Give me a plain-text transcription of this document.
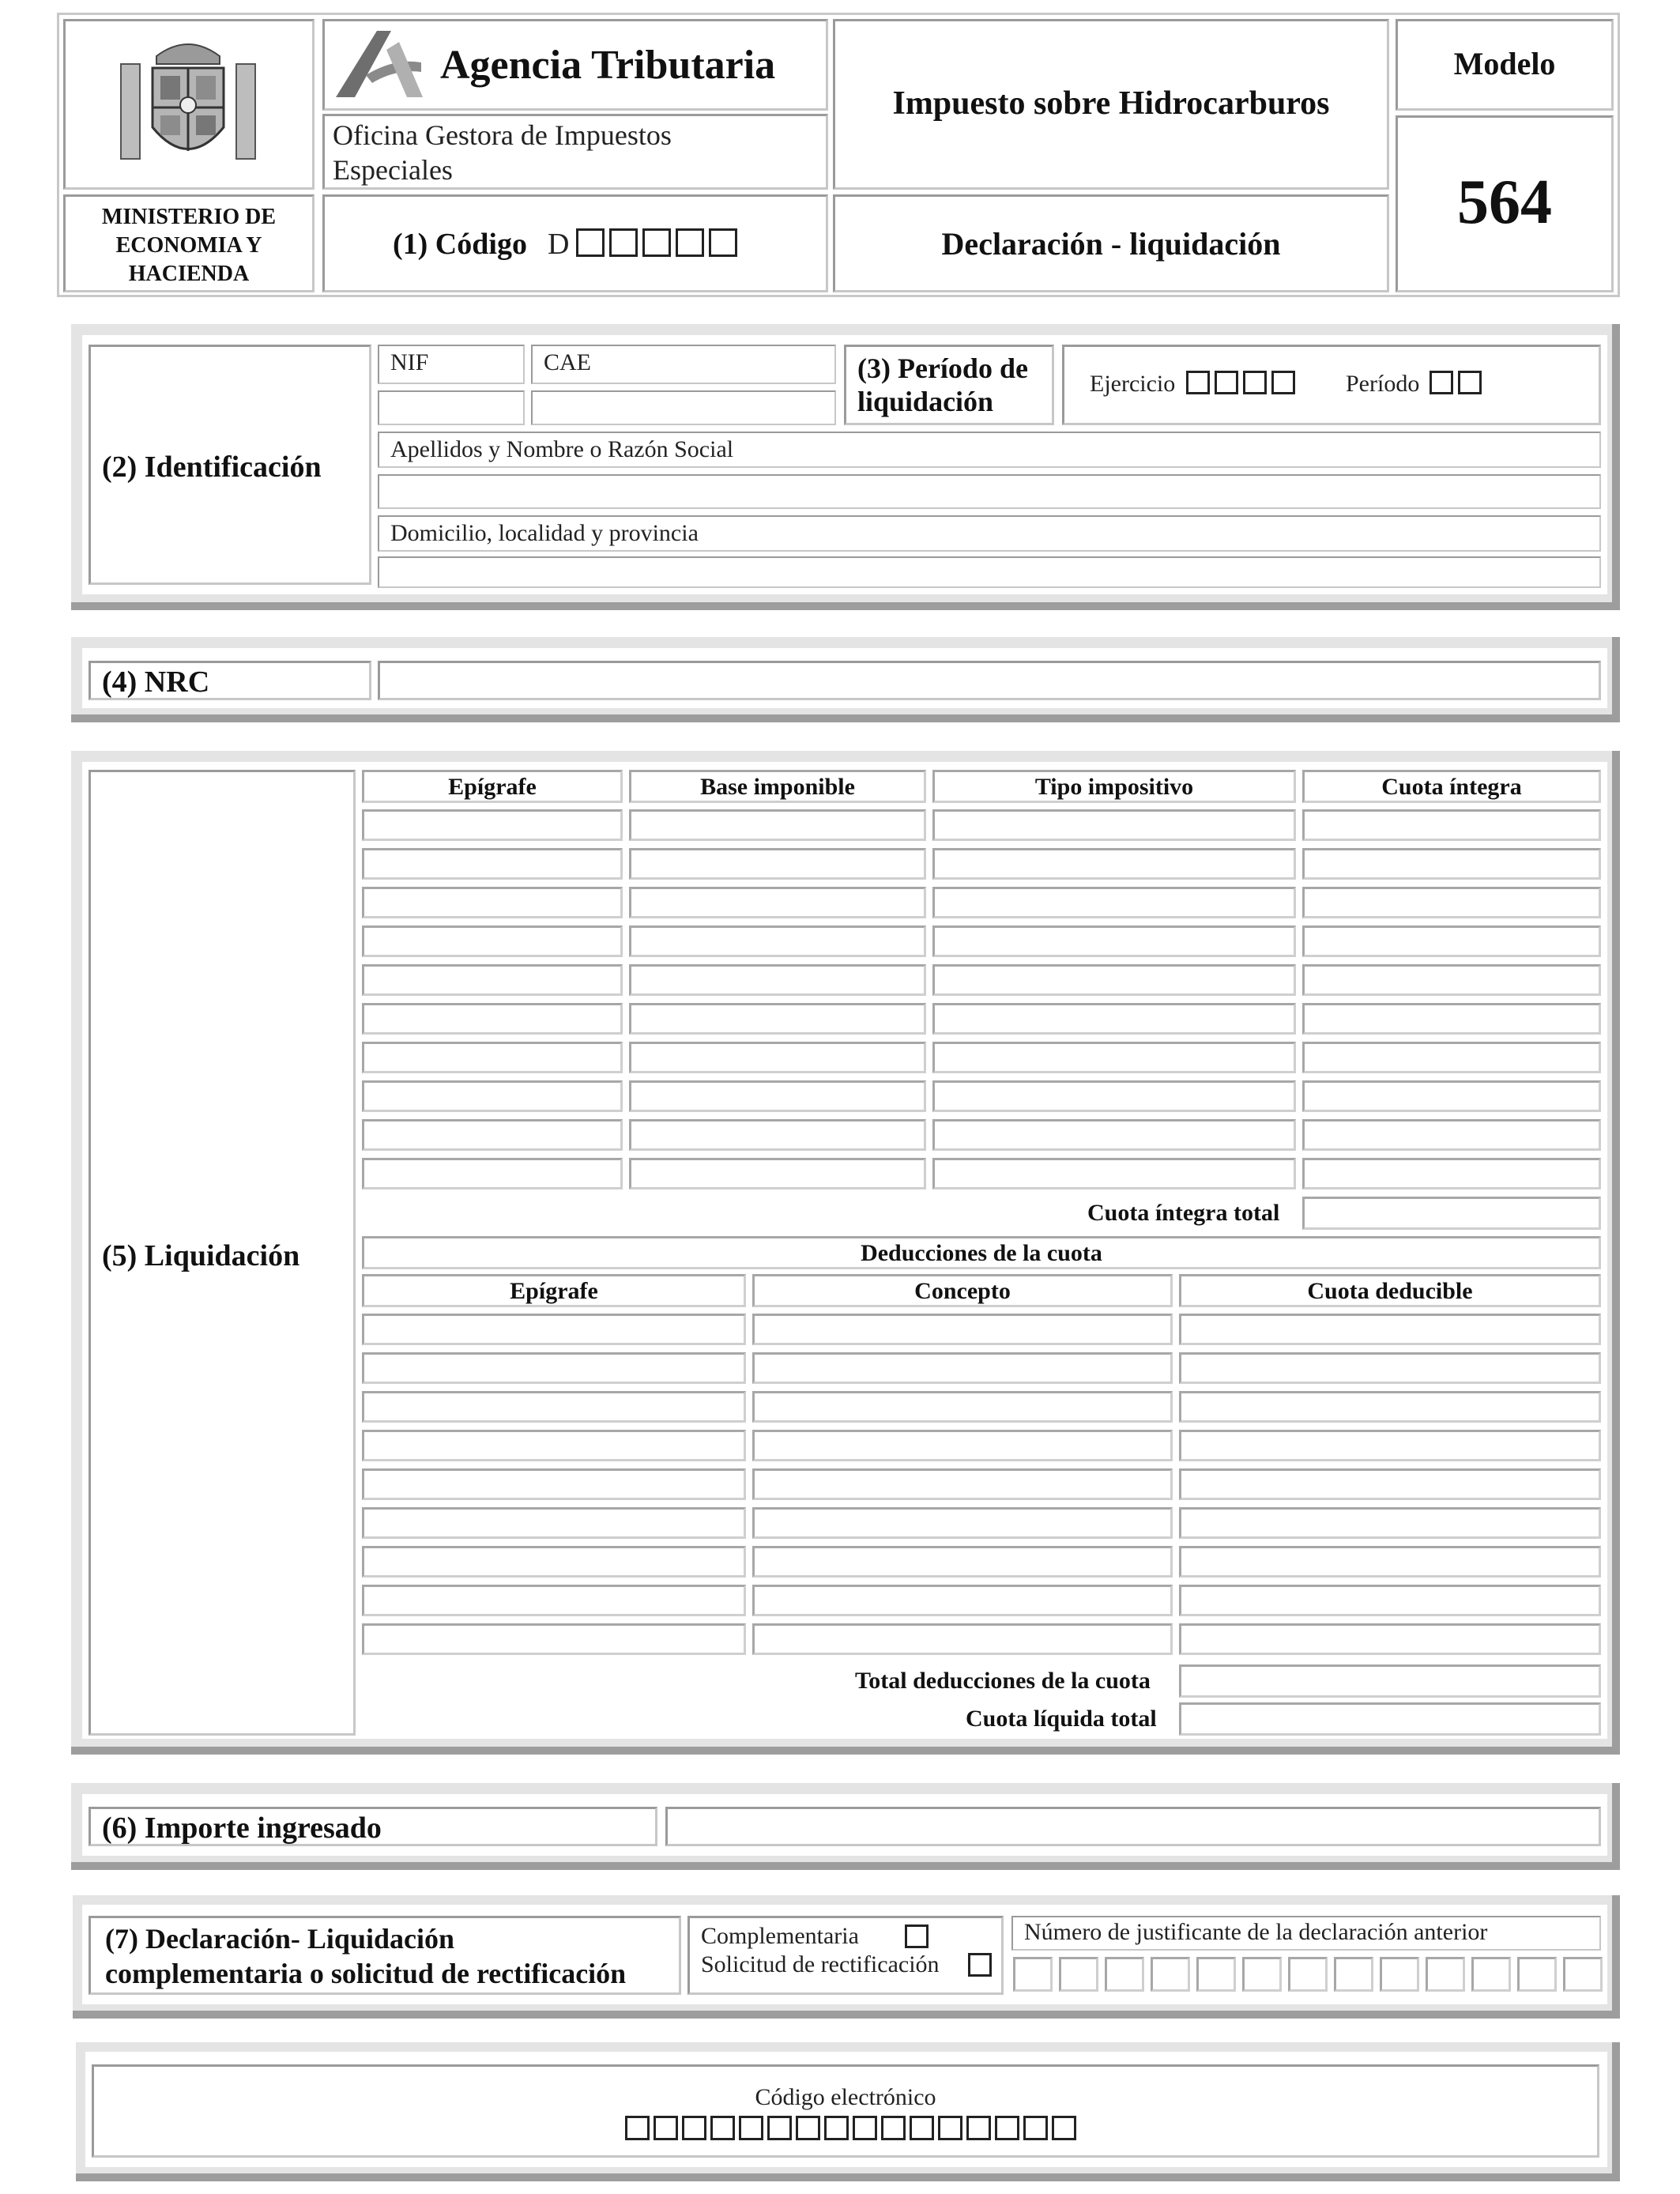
MINISTERIO DE
ECONOMIA Y
HACIENDA
Agencia Tributaria
Oficina Gestora de Impuestos
Especiales
(1) Código D
Impuesto sobre Hidrocarburos
Declaración - liquidación
Modelo
564
(2) Identificación
NIF	CAE	(3) Período de
liquidación
Ejercicio	Período
Apellidos y Nombre o Razón Social
Domicilio, localidad y provincia
(4) NRC
(5) Liquidación
Epígrafe	Base imponible	Tipo impositivo	Cuota íntegra
Cuota íntegra total
Deducciones de la cuota
Epígrafe	Concepto	Cuota deducible
Total deducciones de la cuota
Cuota líquida total
(6) Importe ingresado
(7) Declaración- Liquidación
complementaria o solicitud de rectificación
Complementaria
Solicitud de rectificación
Número de justificante de la declaración anterior
Código electrónico
